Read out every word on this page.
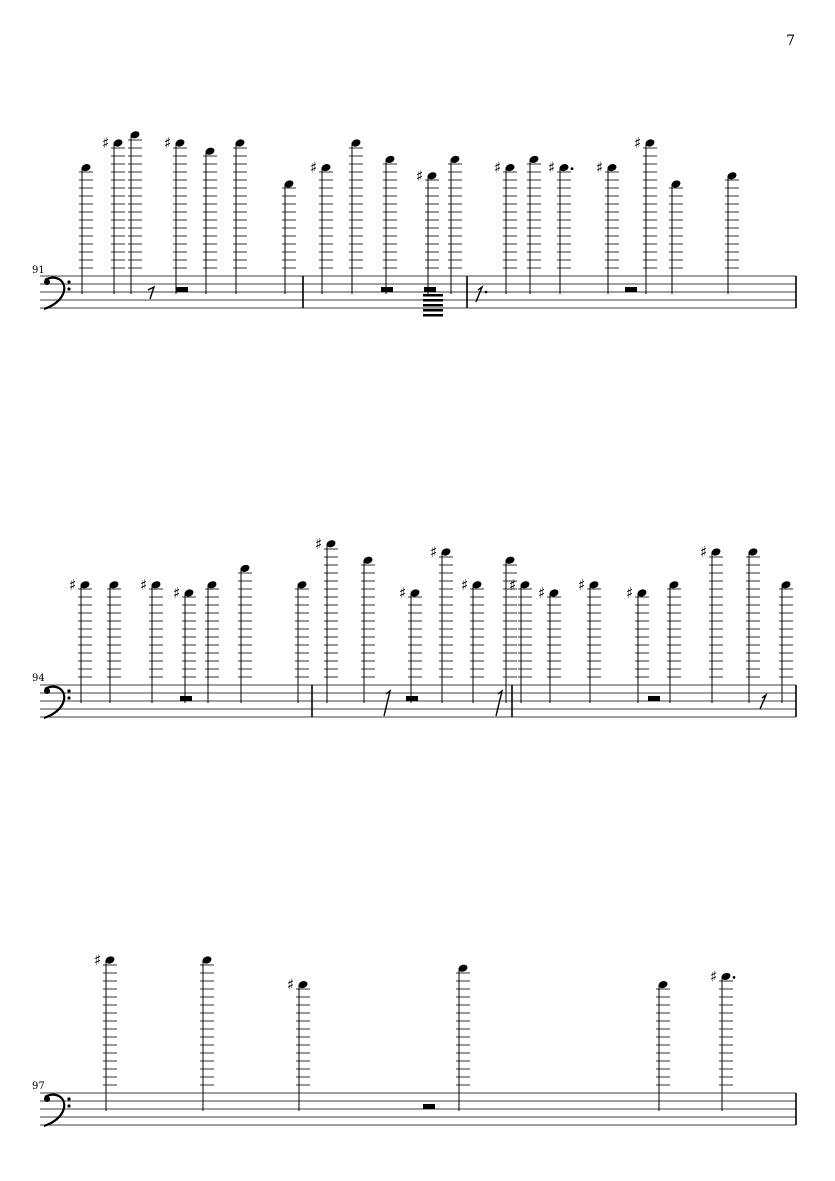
7
91
♯	♯
♯	♯	♯	♯	♯
♯
94
♯	♯ ♯
♯
♯
♯
♯	♯ ♯ ♯	♯
♯
97
♯
♯	♯
